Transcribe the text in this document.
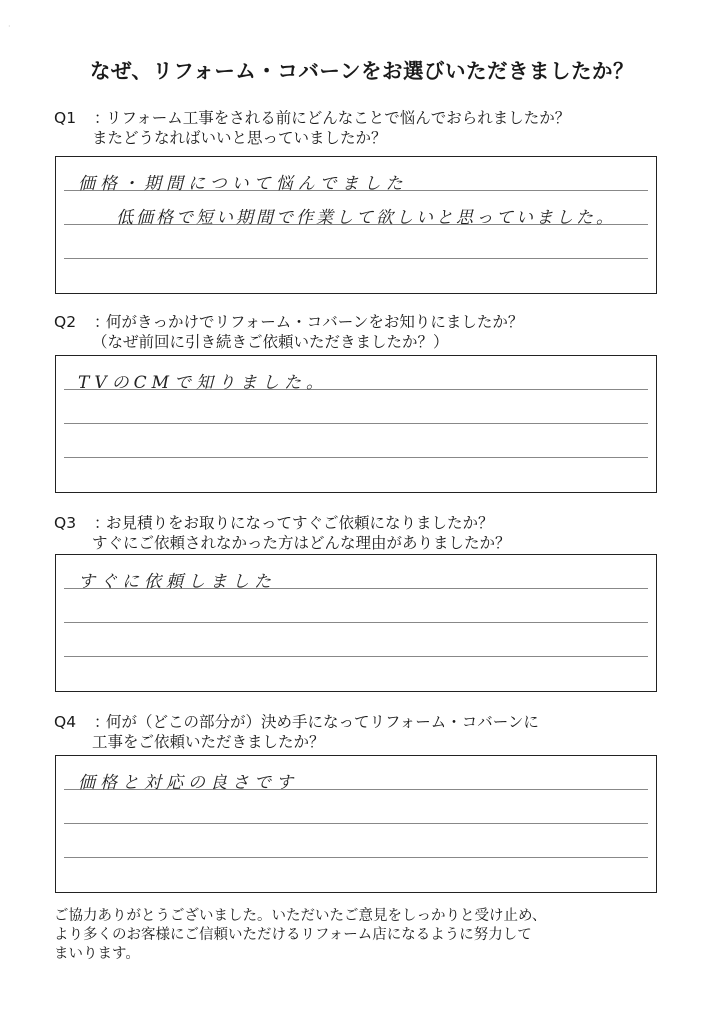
·
なぜ、リフォーム・コバーンをお選びいただきましたか？
Q1 ：リフォーム工事をされる前にどんなことで悩んでおられましたか？
またどうなればいいと思っていましたか？
価格・期間について悩んでました
低価格で短い期間で作業して欲しいと思っていました。
Q2 ：何がきっかけでリフォーム・コバーンをお知りにましたか？
（なぜ前回に引き続きご依頼いただきましたか？）
TVのCMで知りました。
Q3 ：お見積りをお取りになってすぐご依頼になりましたか？
すぐにご依頼されなかった方はどんな理由がありましたか？
すぐに依頼しました
Q4 ：何が（どこの部分が）決め手になってリフォーム・コバーンに
工事をご依頼いただきましたか？
価格と対応の良さです
ご協力ありがとうございました。いただいたご意見をしっかりと受け止め、
より多くのお客様にご信頼いただけるリフォーム店になるように努力して
まいります。
